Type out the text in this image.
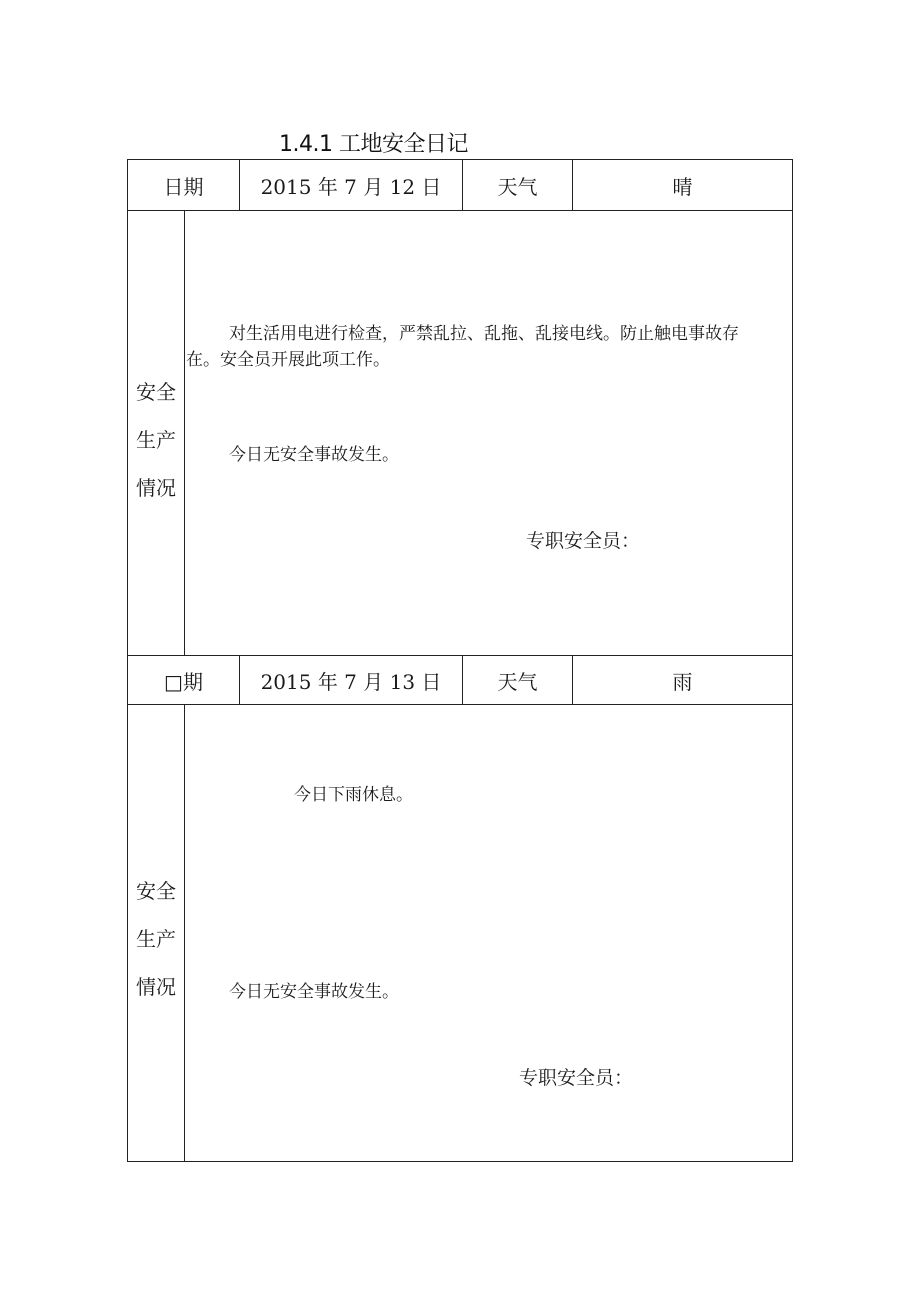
1.4.1 工地安全日记
日期	2015 年 7 月 12 日	天气	晴
安全
生产
情况
对生活用电进行检查，严禁乱拉、乱拖、乱接电线。防止触电事故存
在。安全员开展此项工作。
今日无安全事故发生。
专职安全员：
□期	2015 年 7 月 13 日	天气	雨
安全
生产
情况
今日下雨休息。
今日无安全事故发生。
专职安全员：
